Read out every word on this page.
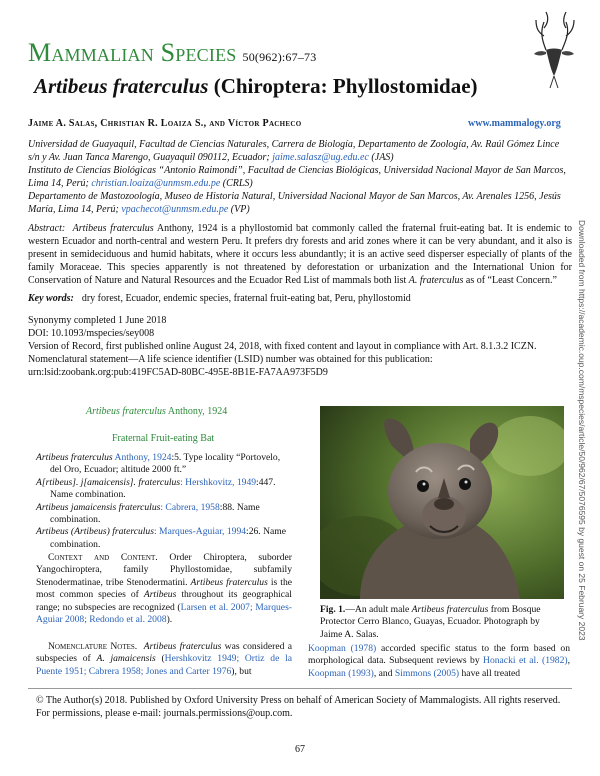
Mammalian Species 50(962):67–73
Artibeus fraterculus (Chiroptera: Phyllostomidae)
Jaime A. Salas, Christian R. Loaiza S., and Víctor Pacheco	www.mammalogy.org

Universidad de Guayaquil, Facultad de Ciencias Naturales, Carrera de Biología, Departamento de Zoología, Av. Raúl Gómez Lince s/n y Av. Juan Tanca Marengo, Guayaquil 090112, Ecuador; jaime.salasz@ug.edu.ec (JAS)

Instituto de Ciencias Biológicas “Antonio Raimondi”, Facultad de Ciencias Biológicas, Universidad Nacional Mayor de San Marcos, Lima 14, Perú; christian.loaiza@unmsm.edu.pe (CRLS)

Departamento de Mastozoología, Museo de Historia Natural, Universidad Nacional Mayor de San Marcos, Av. Arenales 1256, Jesús María, Lima 14, Perú; vpachecot@unmsm.edu.pe (VP)

Abstract: Artibeus fraterculus Anthony, 1924 is a phyllostomid bat commonly called the fraternal fruit-eating bat. It is endemic to western Ecuador and north-central and western Peru. It prefers dry forests and arid zones where it can be very abundant, and it also is present in semideciduous and humid habitats, where it occurs less abundantly; it is an active seed disperser especially of plants of the family Moraceae. This species apparently is not threatened by deforestation or urbanization and the International Union for Conservation of Nature and Natural Resources and the Ecuador Red List of mammals both list A. fraterculus as of “Least Concern.”
Key words: dry forest, Ecuador, endemic species, fraternal fruit-eating bat, Peru, phyllostomid
Synonymy completed 1 June 2018
DOI: 10.1093/mspecies/sey008
Version of Record, first published online August 24, 2018, with fixed content and layout in compliance with Art. 8.1.3.2 ICZN.
Nomenclatural statement—A life science identifier (LSID) number was obtained for this publication: urn:lsid:zoobank.org:pub:419FC5AD-80BC-495E-8B1E-FA7AA973F5D9
Artibeus fraterculus Anthony, 1924
Fraternal Fruit-eating Bat
Artibeus fraterculus Anthony, 1924:5. Type locality “Portovelo, del Oro, Ecuador; altitude 2000 ft.”
A[rtibeus]. j[amaicensis]. fraterculus: Hershkovitz, 1949:447. Name combination.
Artibeus jamaicensis fraterculus: Cabrera, 1958:88. Name combination.
Artibeus (Artibeus) fraterculus: Marques-Aguiar, 1994:26. Name combination.
Context and Content. Order Chiroptera, suborder Yangochiroptera, family Phyllostomidae, subfamily Stenodermatinae, tribe Stenodermatini. Artibeus fraterculus is the most common species of Artibeus throughout its geographical range; no subspecies are recognized (Larsen et al. 2007; Marques-Aguiar 2008; Redondo et al. 2008).
Nomenclature Notes. Artibeus fraterculus was considered a subspecies of A. jamaicensis (Hershkovitz 1949; Ortiz de la Puente 1951; Cabrera 1958; Jones and Carter 1976), but
Fig. 1.—An adult male Artibeus fraterculus from Bosque Protector Cerro Blanco, Guayas, Ecuador. Photograph by Jaime A. Salas.
Koopman (1978) accorded specific status to the form based on morphological data. Subsequent reviews by Honacki et al. (1982), Koopman (1993), and Simmons (2005) have all treated
© The Author(s) 2018. Published by Oxford University Press on behalf of American Society of Mammalogists. All rights reserved.
For permissions, please e-mail: journals.permissions@oup.com.
67
Downloaded from https://academic.oup.com/mspecies/article/50/962/67/5076595 by guest on 25 February 2023
